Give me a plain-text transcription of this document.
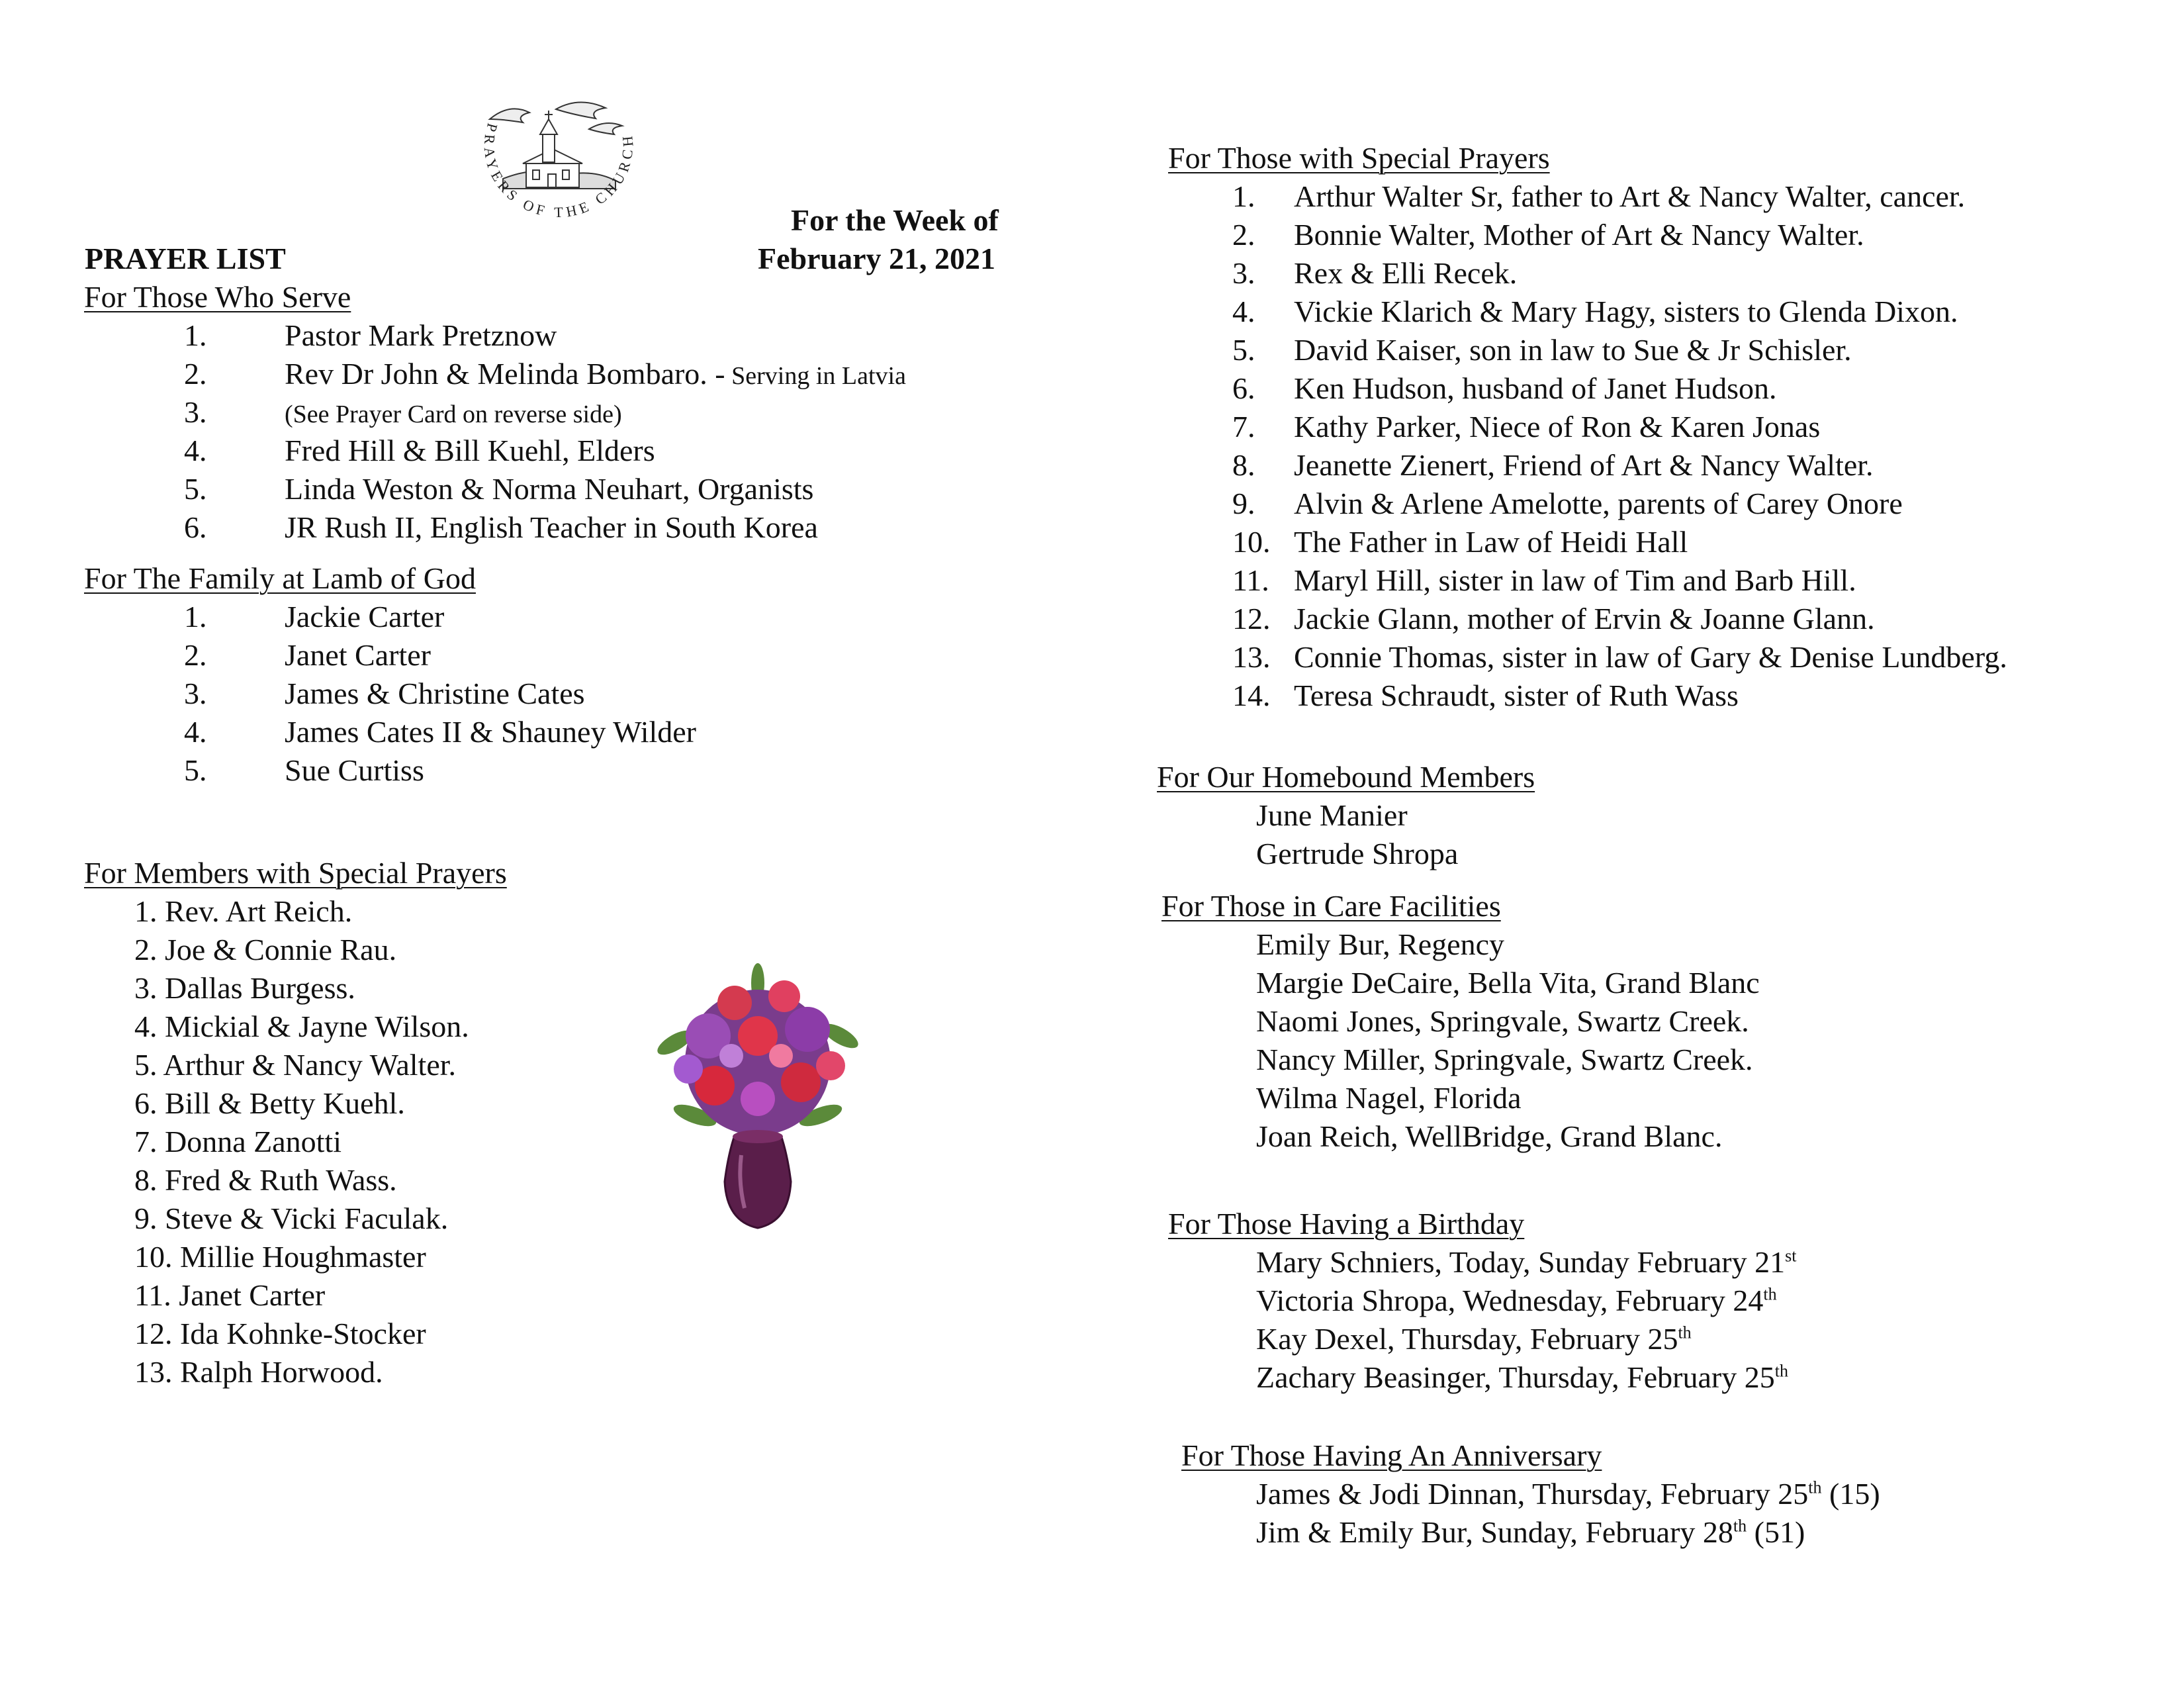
PRAYERS OF THE CHURCH
PRAYER LIST
For the Week of
February 21, 2021
For Those Who Serve
1.	Pastor Mark Pretznow
2.	Rev Dr John & Melinda Bombaro. - Serving in Latvia
3.	(See Prayer Card on reverse side)
4.	Fred Hill & Bill Kuehl, Elders
5.	Linda Weston & Norma Neuhart, Organists
6.	JR Rush II, English Teacher in South Korea
For The Family at Lamb of God
1.	Jackie Carter
2.	Janet Carter
3.	James & Christine Cates
4.	James Cates II & Shauney Wilder
5.	Sue Curtiss
For Members with Special Prayers
1. Rev. Art Reich.
2. Joe & Connie Rau.
3. Dallas Burgess.
4. Mickial & Jayne Wilson.
5. Arthur & Nancy Walter.
6. Bill & Betty Kuehl.
7. Donna Zanotti
8. Fred & Ruth Wass.
9. Steve & Vicki Faculak.
10. Millie Houghmaster
11. Janet Carter
12. Ida Kohnke-Stocker
13. Ralph Horwood.
For Those with Special Prayers
1. Arthur Walter Sr, father to Art & Nancy Walter, cancer.
2. Bonnie Walter, Mother of Art & Nancy Walter.
3. Rex & Elli Recek.
4. Vickie Klarich & Mary Hagy, sisters to Glenda Dixon.
5. David Kaiser, son in law to Sue & Jr Schisler.
6. Ken Hudson, husband of Janet Hudson.
7. Kathy Parker, Niece of Ron & Karen Jonas
8. Jeanette Zienert, Friend of Art & Nancy Walter.
9. Alvin & Arlene Amelotte, parents of Carey Onore
10. The Father in Law of Heidi Hall
11. Maryl Hill, sister in law of Tim and Barb Hill.
12. Jackie Glann, mother of Ervin & Joanne Glann.
13. Connie Thomas, sister in law of Gary & Denise Lundberg.
14. Teresa Schraudt, sister of Ruth Wass
For Our Homebound Members
June Manier
Gertrude Shropa
For Those in Care Facilities
Emily Bur, Regency
Margie DeCaire, Bella Vita, Grand Blanc
Naomi Jones, Springvale, Swartz Creek.
Nancy Miller, Springvale, Swartz Creek.
Wilma Nagel, Florida
Joan Reich, WellBridge, Grand Blanc.
For Those Having a Birthday
Mary Schniers, Today, Sunday February 21st
Victoria Shropa, Wednesday, February 24th
Kay Dexel, Thursday, February 25th
Zachary Beasinger, Thursday, February 25th
For Those Having An Anniversary
James & Jodi Dinnan, Thursday, February 25th (15)
Jim & Emily Bur, Sunday, February 28th (51)
